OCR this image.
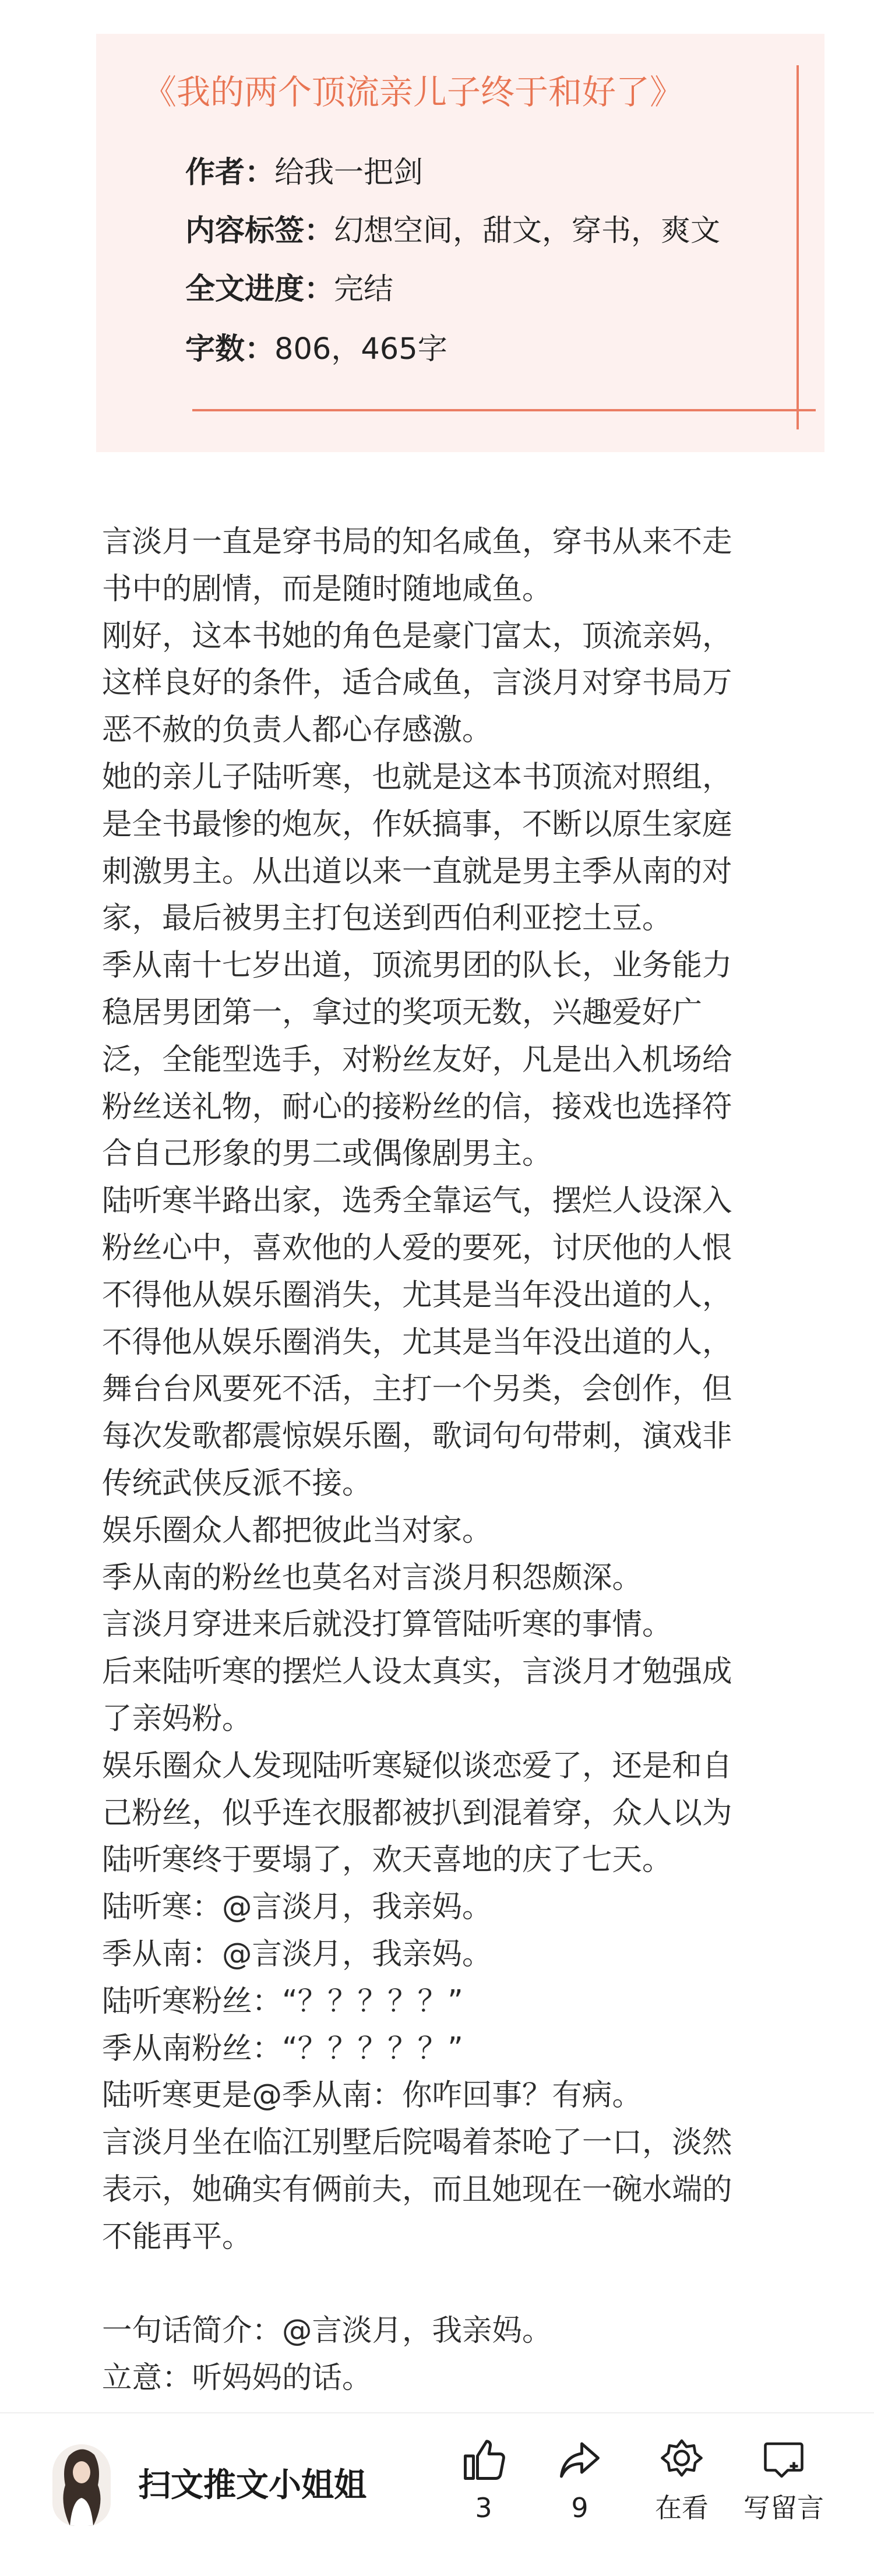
《我的两个顶流亲儿子终于和好了》
作者：给我一把剑
内容标签：幻想空间，甜文，穿书，爽文
全文进度：完结
字数：806，465字

言淡月一直是穿书局的知名咸鱼，穿书从来不走
书中的剧情，而是随时随地咸鱼。

刚好，这本书她的角色是豪门富太，顶流亲妈，
这样良好的条件，适合咸鱼，言淡月对穿书局万
恶不赦的负责人都心存感激。

她的亲儿子陆听寒，也就是这本书顶流对照组，
是全书最惨的炮灰，作妖搞事，不断以原生家庭
刺激男主。从出道以来一直就是男主季从南的对
家，最后被男主打包送到西伯利亚挖土豆。

季从南十七岁出道，顶流男团的队长，业务能力
稳居男团第一，拿过的奖项无数，兴趣爱好广
泛，全能型选手，对粉丝友好，凡是出入机场给
粉丝送礼物，耐心的接粉丝的信，接戏也选择符
合自己形象的男二或偶像剧男主。

陆听寒半路出家，选秀全靠运气，摆烂人设深入
粉丝心中，喜欢他的人爱的要死，讨厌他的人恨
不得他从娱乐圈消失，尤其是当年没出道的人，
不得他从娱乐圈消失，尤其是当年没出道的人，
舞台台风要死不活，主打一个另类，会创作，但
每次发歌都震惊娱乐圈，歌词句句带刺，演戏非
传统武侠反派不接。

娱乐圈众人都把彼此当对家。

季从南的粉丝也莫名对言淡月积怨颇深。

言淡月穿进来后就没打算管陆听寒的事情。

后来陆听寒的摆烂人设太真实，言淡月才勉强成
了亲妈粉。

娱乐圈众人发现陆听寒疑似谈恋爱了，还是和自
己粉丝，似乎连衣服都被扒到混着穿，众人以为
陆听寒终于要塌了，欢天喜地的庆了七天。

陆听寒：@言淡月，我亲妈。

季从南：@言淡月，我亲妈。

陆听寒粉丝：“？？？？？”

季从南粉丝：“？？？？？”

陆听寒更是@季从南：你咋回事？有病。

言淡月坐在临江别墅后院喝着茶呛了一口，淡然
表示，她确实有俩前夫，而且她现在一碗水端的
不能再平。

一句话简介：@言淡月，我亲妈。

立意：听妈妈的话。

扫文推文小姐姐
3	9	在看	写留言
